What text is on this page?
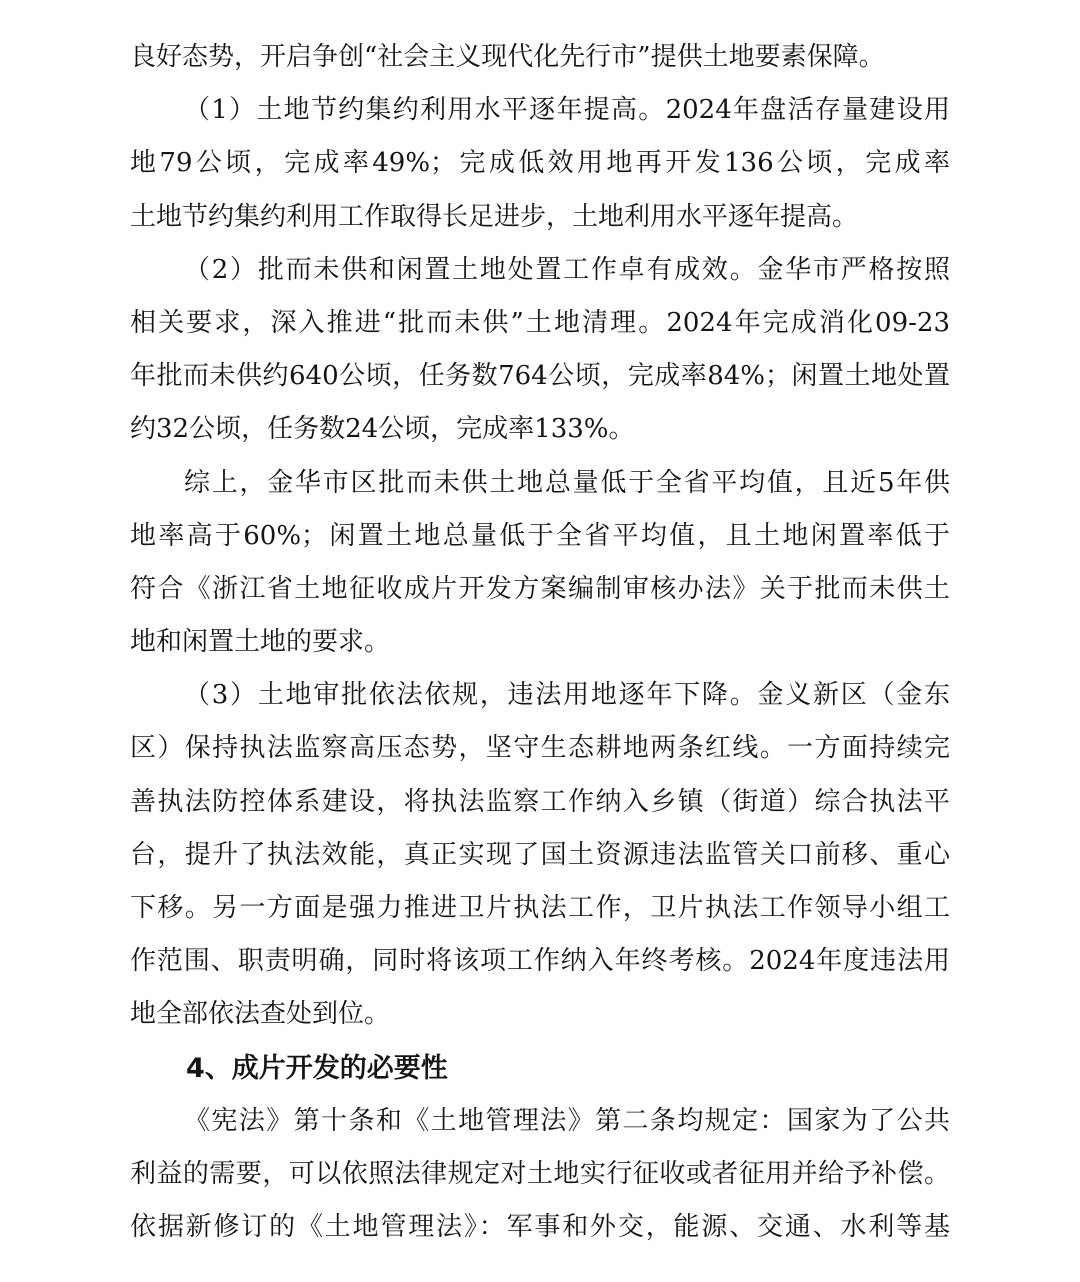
良好态势，开启争创“社会主义现代化先行市”提供土地要素保障。
（1）土地节约集约利用水平逐年提高。2024年盘活存量建设用
地79公顷，完成率49%；完成低效用地再开发136公顷，完成率
土地节约集约利用工作取得长足进步，土地利用水平逐年提高。
（2）批而未供和闲置土地处置工作卓有成效。金华市严格按照
相关要求，深入推进“批而未供”土地清理。2024年完成消化09-23
年批而未供约640公顷，任务数764公顷，完成率84%；闲置土地处置
约32公顷，任务数24公顷，完成率133%。
综上，金华市区批而未供土地总量低于全省平均值，且近5年供
地率高于60%；闲置土地总量低于全省平均值，且土地闲置率低于
符合《浙江省土地征收成片开发方案编制审核办法》关于批而未供土
地和闲置土地的要求。
（3）土地审批依法依规，违法用地逐年下降。金义新区（金东
区）保持执法监察高压态势，坚守生态耕地两条红线。一方面持续完
善执法防控体系建设，将执法监察工作纳入乡镇（街道）综合执法平
台，提升了执法效能，真正实现了国土资源违法监管关口前移、重心
下移。另一方面是强力推进卫片执法工作，卫片执法工作领导小组工
作范围、职责明确，同时将该项工作纳入年终考核。2024年度违法用
地全部依法查处到位。
4、成片开发的必要性
《宪法》第十条和《土地管理法》第二条均规定：国家为了公共
利益的需要，可以依照法律规定对土地实行征收或者征用并给予补偿。
依据新修订的《土地管理法》：军事和外交，能源、交通、水利等基
